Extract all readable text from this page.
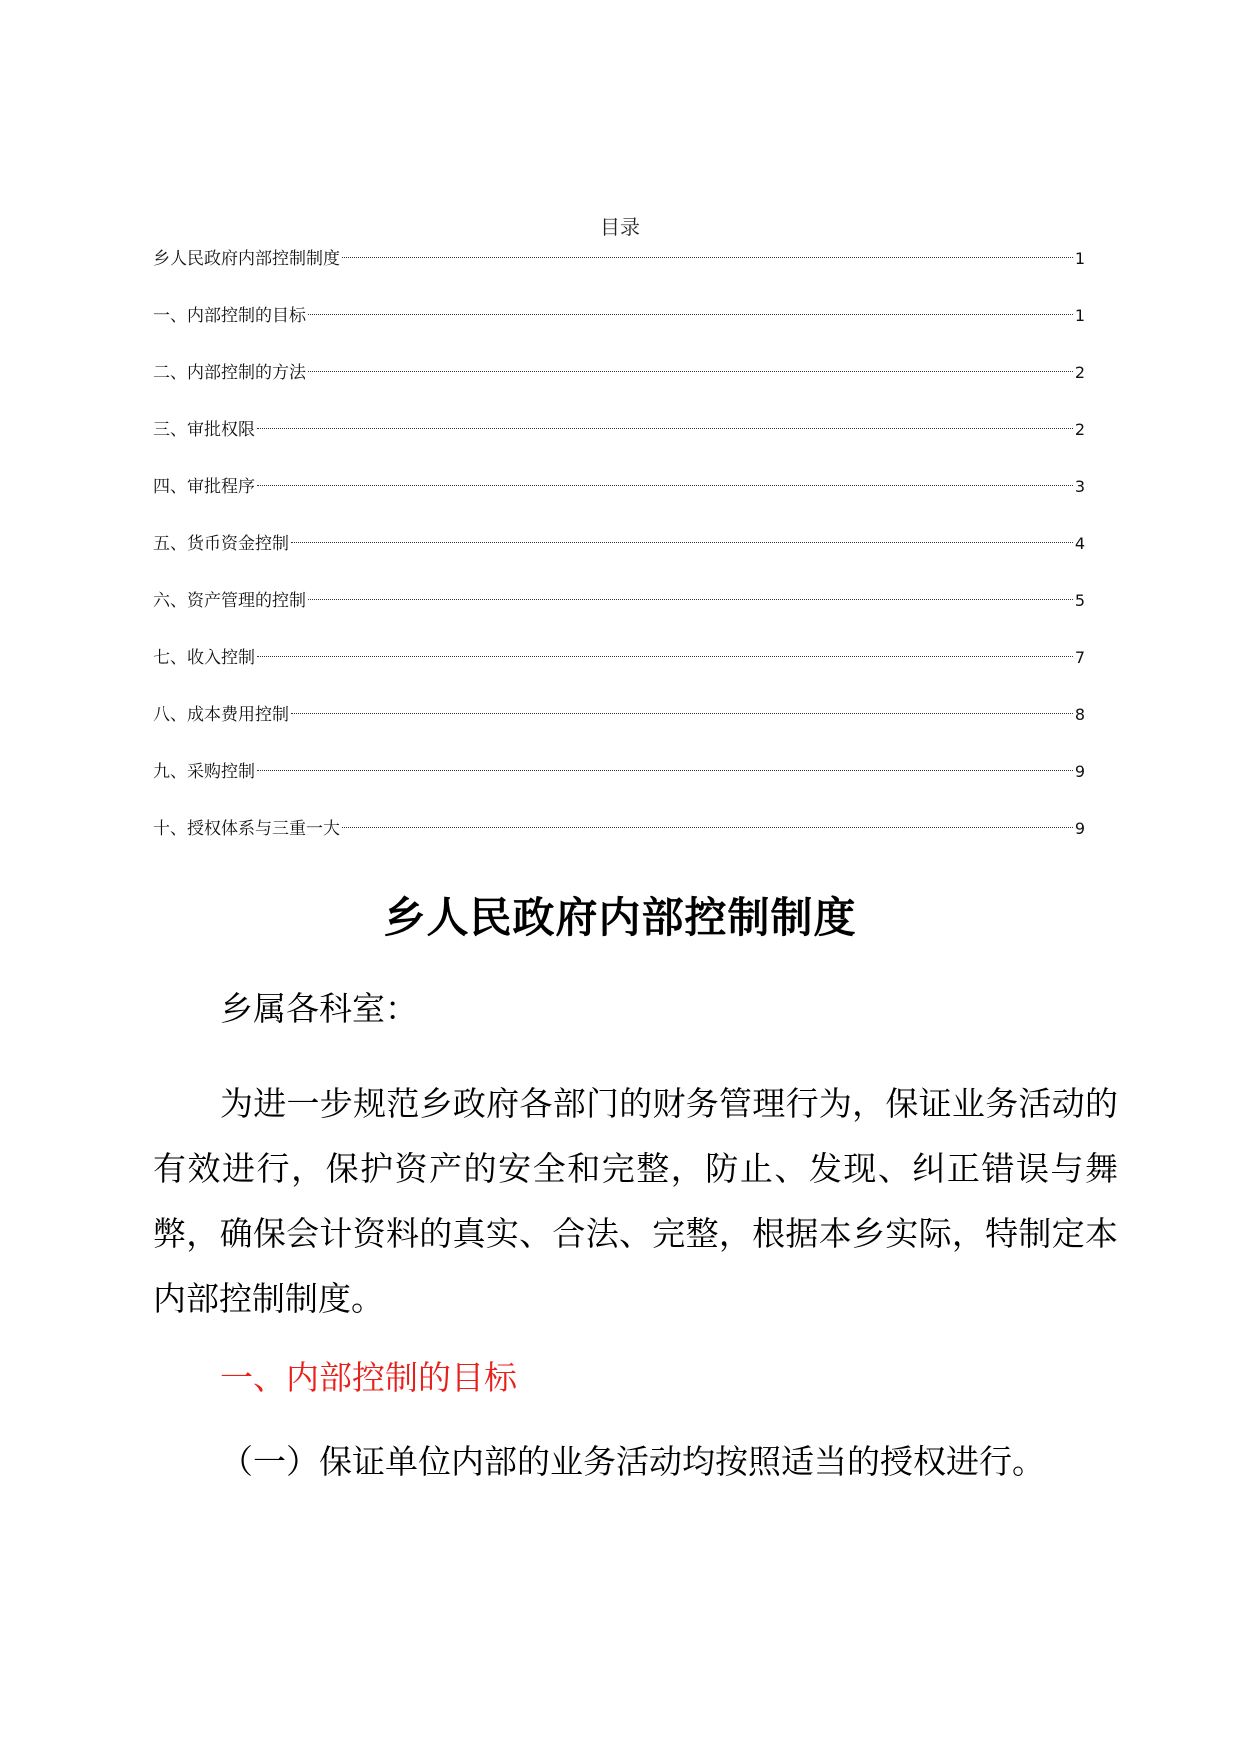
目录
乡人民政府内部控制制度	1
一、内部控制的目标	1
二、内部控制的方法	2
三、审批权限	2
四、审批程序	3
五、货币资金控制	4
六、资产管理的控制	5
七、收入控制	7
八、成本费用控制	8
九、采购控制	9
十、授权体系与三重一大	9
乡人民政府内部控制制度

乡属各科室：

为进一步规范乡政府各部门的财务管理行为，保证业务活动的有效进行，保护资产的安全和完整，防止、发现、纠正错误与舞弊，确保会计资料的真实、合法、完整，根据本乡实际，特制定本内部控制制度。

一、内部控制的目标

（一）保证单位内部的业务活动均按照适当的授权进行。
